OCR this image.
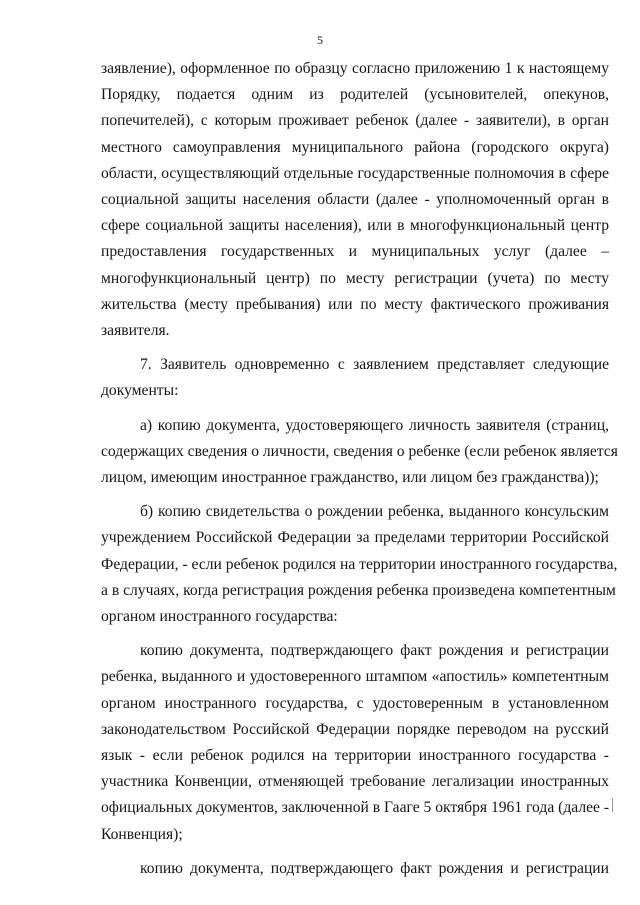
5
заявление), оформленное по образцу согласно приложению 1 к настоящему
Порядку, подается одним из родителей (усыновителей, опекунов,
попечителей), с которым проживает ребенок (далее - заявители), в орган
местного самоуправления муниципального района (городского округа)
области, осуществляющий отдельные государственные полномочия в сфере
социальной защиты населения области (далее - уполномоченный орган в
сфере социальной защиты населения), или в многофункциональный центр
предоставления государственных и муниципальных услуг (далее –
многофункциональный центр) по месту регистрации (учета) по месту
жительства (месту пребывания) или по месту фактического проживания
заявителя.
7. Заявитель одновременно с заявлением представляет следующие
документы:
а) копию документа, удостоверяющего личность заявителя (страниц,
содержащих сведения о личности, сведения о ребенке (если ребенок является
лицом, имеющим иностранное гражданство, или лицом без гражданства));
б) копию свидетельства о рождении ребенка, выданного консульским
учреждением Российской Федерации за пределами территории Российской
Федерации, - если ребенок родился на территории иностранного государства,
а в случаях, когда регистрация рождения ребенка произведена компетентным
органом иностранного государства:
копию документа, подтверждающего факт рождения и регистрации
ребенка, выданного и удостоверенного штампом «апостиль» компетентным
органом иностранного государства, с удостоверенным в установленном
законодательством Российской Федерации порядке переводом на русский
язык - если ребенок родился на территории иностранного государства -
участника Конвенции, отменяющей требование легализации иностранных
официальных документов, заключенной в Гааге 5 октября 1961 года (далее -
Конвенция);
копию документа, подтверждающего факт рождения и регистрации
